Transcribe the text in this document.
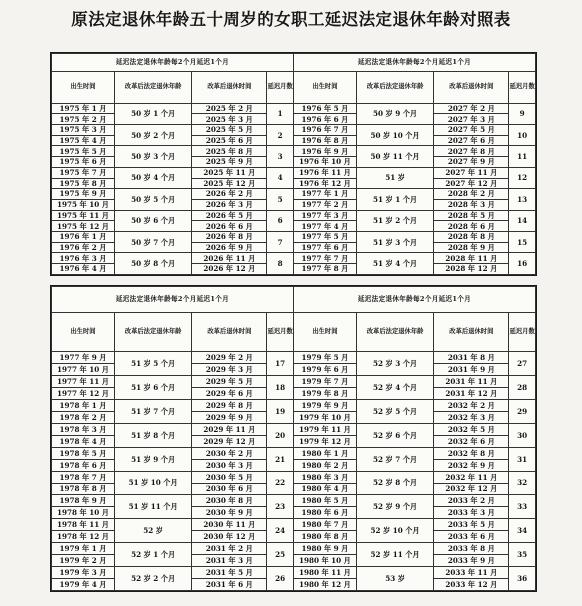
原法定退休年龄五十周岁的女职工延迟法定退休年龄对照表
延迟法定退休年龄每2个月延迟1个月				延迟法定退休年龄每2个月延迟1个月			
出生时间	改革后法定退休年龄	改革后退休时间	延迟月数	出生时间	改革后法定退休年龄	改革后退休时间	延迟月数
1975 年 1 月	50 岁 1 个月	2025 年 2 月	1	1976 年 5 月	50 岁 9 个月	2027 年 2 月	9
1975 年 2 月		2025 年 3 月		1976 年 6 月		2027 年 3 月	
1975 年 3 月	50 岁 2 个月	2025 年 5 月	2	1976 年 7 月	50 岁 10 个月	2027 年 5 月	10
1975 年 4 月		2025 年 6 月		1976 年 8 月		2027 年 6 月	
1975 年 5 月	50 岁 3 个月	2025 年 8 月	3	1976 年 9 月	50 岁 11 个月	2027 年 8 月	11
1975 年 6 月		2025 年 9 月		1976 年 10 月		2027 年 9 月	
1975 年 7 月	50 岁 4 个月	2025 年 11 月	4	1976 年 11 月	51 岁	2027 年 11 月	12
1975 年 8 月		2025 年 12 月		1976 年 12 月		2027 年 12 月	
1975 年 9 月	50 岁 5 个月	2026 年 2 月	5	1977 年 1 月	51 岁 1 个月	2028 年 2 月	13
1975 年 10 月		2026 年 3 月		1977 年 2 月		2028 年 3 月	
1975 年 11 月	50 岁 6 个月	2026 年 5 月	6	1977 年 3 月	51 岁 2 个月	2028 年 5 月	14
1975 年 12 月		2026 年 6 月		1977 年 4 月		2028 年 6 月	
1976 年 1 月	50 岁 7 个月	2026 年 8 月	7	1977 年 5 月	51 岁 3 个月	2028 年 8 月	15
1976 年 2 月		2026 年 9 月		1977 年 6 月		2028 年 9 月	
1976 年 3 月	50 岁 8 个月	2026 年 11 月	8	1977 年 7 月	51 岁 4 个月	2028 年 11 月	16
1976 年 4 月		2026 年 12 月		1977 年 8 月		2028 年 12 月	
延迟法定退休年龄每2个月延迟1个月				延迟法定退休年龄每2个月延迟1个月			
出生时间	改革后法定退休年龄	改革后退休时间	延迟月数	出生时间	改革后法定退休年龄	改革后退休时间	延迟月数
1977 年 9 月	51 岁 5 个月	2029 年 2 月	17	1979 年 5 月	52 岁 3 个月	2031 年 8 月	27
1977 年 10 月		2029 年 3 月		1979 年 6 月		2031 年 9 月	
1977 年 11 月	51 岁 6 个月	2029 年 5 月	18	1979 年 7 月	52 岁 4 个月	2031 年 11 月	28
1977 年 12 月		2029 年 6 月		1979 年 8 月		2031 年 12 月	
1978 年 1 月	51 岁 7 个月	2029 年 8 月	19	1979 年 9 月	52 岁 5 个月	2032 年 2 月	29
1978 年 2 月		2029 年 9 月		1979 年 10 月		2032 年 3 月	
1978 年 3 月	51 岁 8 个月	2029 年 11 月	20	1979 年 11 月	52 岁 6 个月	2032 年 5 月	30
1978 年 4 月		2029 年 12 月		1979 年 12 月		2032 年 6 月	
1978 年 5 月	51 岁 9 个月	2030 年 2 月	21	1980 年 1 月	52 岁 7 个月	2032 年 8 月	31
1978 年 6 月		2030 年 3 月		1980 年 2 月		2032 年 9 月	
1978 年 7 月	51 岁 10 个月	2030 年 5 月	22	1980 年 3 月	52 岁 8 个月	2032 年 11 月	32
1978 年 8 月		2030 年 6 月		1980 年 4 月		2032 年 12 月	
1978 年 9 月	51 岁 11 个月	2030 年 8 月	23	1980 年 5 月	52 岁 9 个月	2033 年 2 月	33
1978 年 10 月		2030 年 9 月		1980 年 6 月		2033 年 3 月	
1978 年 11 月	52 岁	2030 年 11 月	24	1980 年 7 月	52 岁 10 个月	2033 年 5 月	34
1978 年 12 月		2030 年 12 月		1980 年 8 月		2033 年 6 月	
1979 年 1 月	52 岁 1 个月	2031 年 2 月	25	1980 年 9 月	52 岁 11 个月	2033 年 8 月	35
1979 年 2 月		2031 年 3 月		1980 年 10 月		2033 年 9 月	
1979 年 3 月	52 岁 2 个月	2031 年 5 月	26	1980 年 11 月	53 岁	2033 年 11 月	36
1979 年 4 月		2031 年 6 月		1980 年 12 月		2033 年 12 月	
